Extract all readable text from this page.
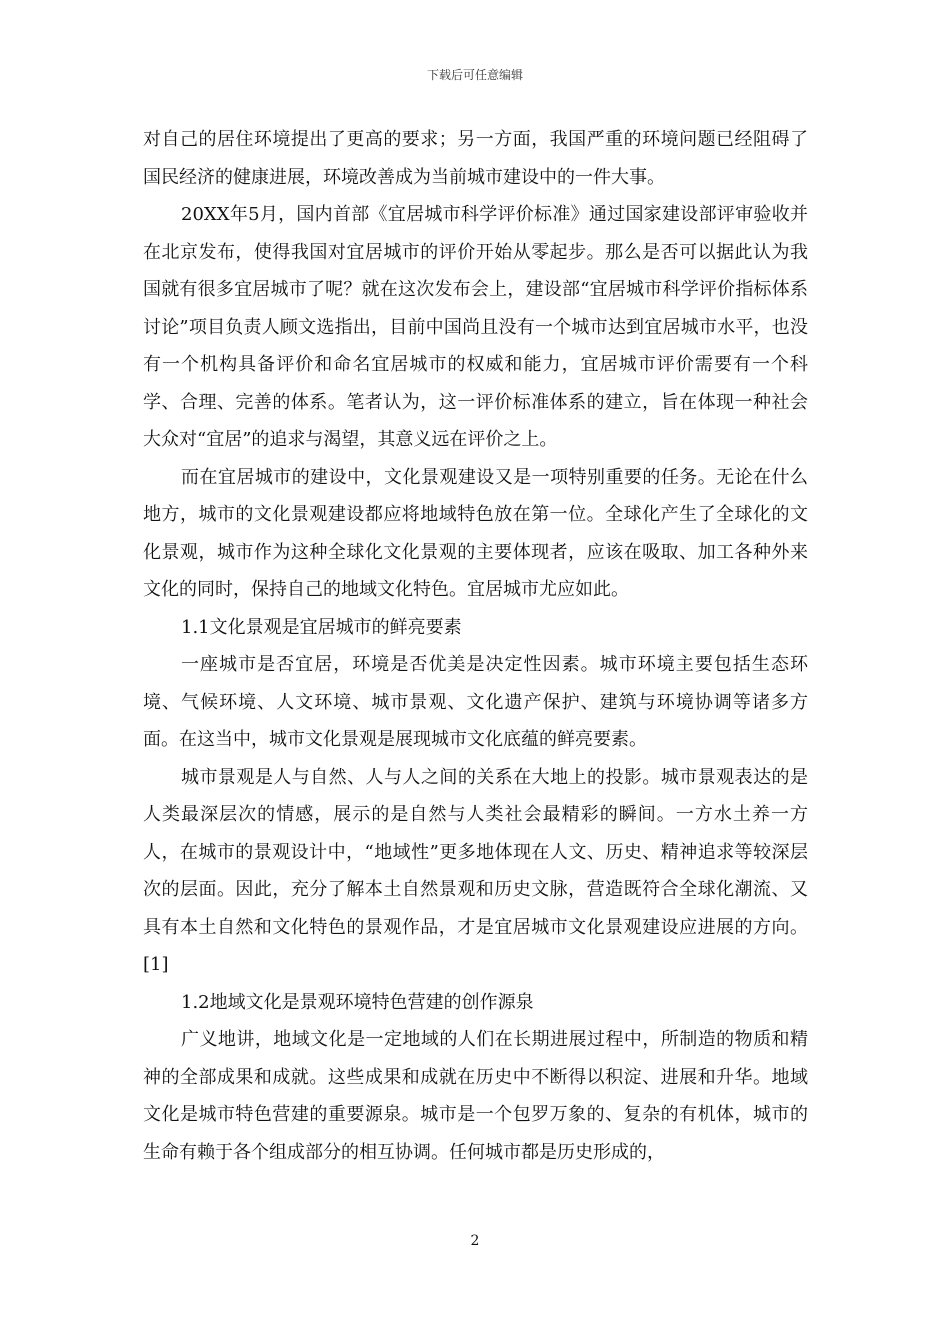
下载后可任意编辑

对自己的居住环境提出了更高的要求；另一方面，我国严重的环境问题已经阻碍了国民经济的健康进展，环境改善成为当前城市建设中的一件大事。

20XX年5月，国内首部《宜居城市科学评价标准》通过国家建设部评审验收并在北京发布，使得我国对宜居城市的评价开始从零起步。那么是否可以据此认为我国就有很多宜居城市了呢？就在这次发布会上，建设部“宜居城市科学评价指标体系讨论”项目负责人顾文选指出，目前中国尚且没有一个城市达到宜居城市水平，也没有一个机构具备评价和命名宜居城市的权威和能力，宜居城市评价需要有一个科学、合理、完善的体系。笔者认为，这一评价标准体系的建立，旨在体现一种社会大众对“宜居”的追求与渴望，其意义远在评价之上。

而在宜居城市的建设中，文化景观建设又是一项特别重要的任务。无论在什么地方，城市的文化景观建设都应将地域特色放在第一位。全球化产生了全球化的文化景观，城市作为这种全球化文化景观的主要体现者，应该在吸取、加工各种外来文化的同时，保持自己的地域文化特色。宜居城市尤应如此。

1.1文化景观是宜居城市的鲜亮要素

一座城市是否宜居，环境是否优美是决定性因素。城市环境主要包括生态环境、气候环境、人文环境、城市景观、文化遗产保护、建筑与环境协调等诸多方面。在这当中，城市文化景观是展现城市文化底蕴的鲜亮要素。

城市景观是人与自然、人与人之间的关系在大地上的投影。城市景观表达的是人类最深层次的情感，展示的是自然与人类社会最精彩的瞬间。一方水土养一方人，在城市的景观设计中，“地域性”更多地体现在人文、历史、精神追求等较深层次的层面。因此，充分了解本土自然景观和历史文脉，营造既符合全球化潮流、又具有本土自然和文化特色的景观作品，才是宜居城市文化景观建设应进展的方向。[1]

1.2地域文化是景观环境特色营建的创作源泉

广义地讲，地域文化是一定地域的人们在长期进展过程中，所制造的物质和精神的全部成果和成就。这些成果和成就在历史中不断得以积淀、进展和升华。地域文化是城市特色营建的重要源泉。城市是一个包罗万象的、复杂的有机体，城市的生命有赖于各个组成部分的相互协调。任何城市都是历史形成的，

2
